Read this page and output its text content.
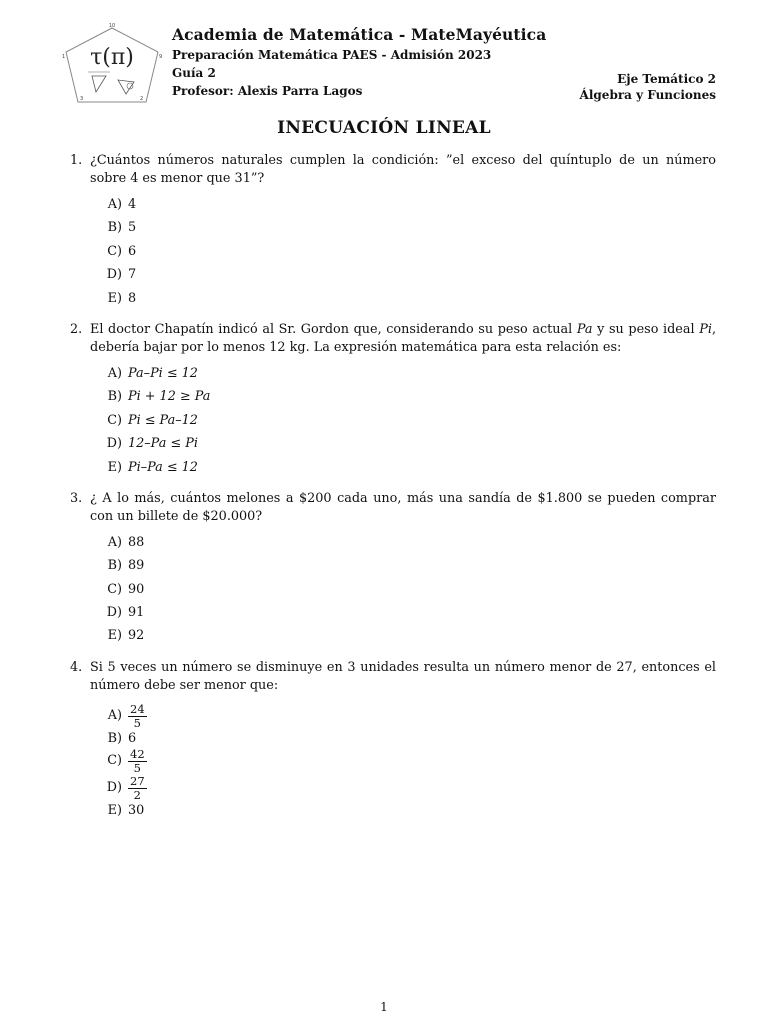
10
1	9
3	2
τ(π)
Academia de Matemática - MateMayéutica
Preparación Matemática PAES - Admisión 2023
Guía 2
Profesor: Alexis Parra Lagos
Eje Temático 2
Álgebra y Funciones
INECUACIÓN LINEAL
1. ¿Cuántos números naturales cumplen la condición: ”el exceso del quíntuplo de un número sobre 4 es menor que 31”?
A) 4
B) 5
C) 6
D) 7
E) 8
2. El doctor Chapatín indicó al Sr. Gordon que, considerando su peso actual Pa y su peso ideal Pi, debería bajar por lo menos 12 kg. La expresión matemática para esta relación es:
A) Pa–Pi ≤ 12
B) Pi + 12 ≥ Pa
C) Pi ≤ Pa–12
D) 12–Pa ≤ Pi
E) Pi–Pa ≤ 12
3. ¿ A lo más, cuántos melones a $200 cada uno, más una sandía de $1.800 se pueden comprar con un billete de $20.000?
A) 88
B) 89
C) 90
D) 91
E) 92
4. Si 5 veces un número se disminuye en 3 unidades resulta un número menor de 27, entonces el número debe ser menor que:
$A) \frac{24}{5}$
B) 6
$C) \frac{42}{5}$
$D) \frac{27}{2}$
E) 30
1
